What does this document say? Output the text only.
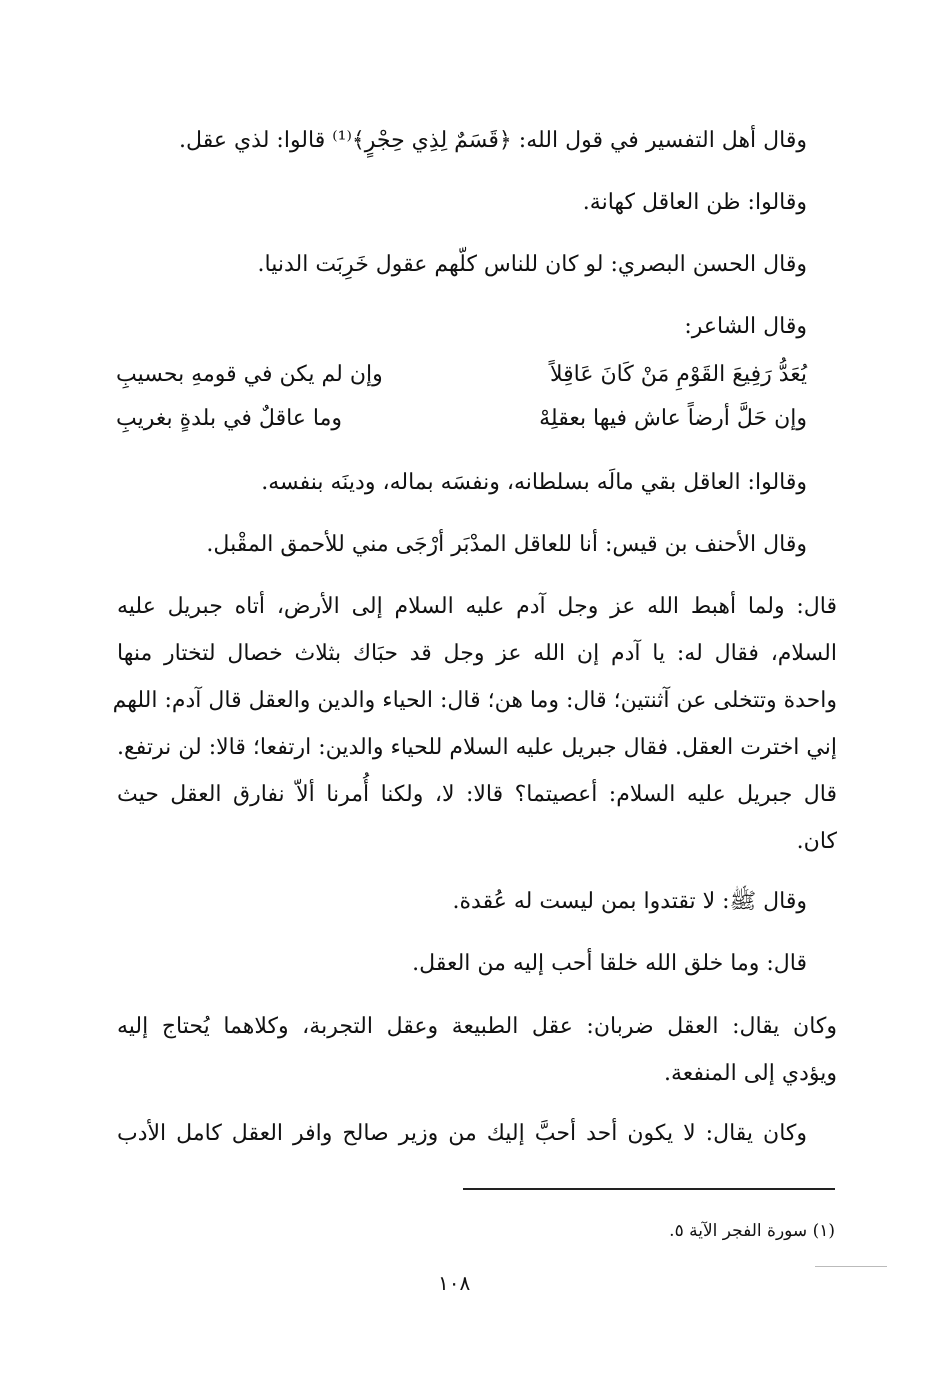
وقال أهل التفسير في قول الله: ﴿قَسَمٌ لِذِي حِجْرٍ﴾⁽¹⁾ قالوا: لذي عقل.
وقالوا: ظن العاقل كهانة.
وقال الحسن البصري: لو كان للناس كلّهم عقول خَرِبَت الدنيا.
وقال الشاعر:
يُعَدُّ رَفِيعَ القَوْمِ مَنْ كَانَ عَاقِلاً
وإن لم يكن في قومهِ بحسيبِ
وإن حَلَّ أرضاً عاش فيها بعقلِهْ
وما عاقلٌ في بلدةٍ بغريبِ
وقالوا: العاقل بقي مالَه بسلطانه، ونفسَه بماله، ودينَه بنفسه.
وقال الأحنف بن قيس: أنا للعاقل المدْبَر أرْجَى مني للأحمق المقْبل.
قال: ولما أهبط الله عز وجل آدم عليه السلام إلى الأرض، أتاه جبريل عليه
السلام، فقال له: يا آدم إن الله عز وجل قد حبَاك بثلاث خصال لتختار منها
واحدة وتتخلى عن آثنتين؛ قال: وما هن؛ قال: الحياء والدين والعقل قال آدم: اللهم
إني اخترت العقل. فقال جبريل عليه السلام للحياء والدين: ارتفعا؛ قالا: لن نرتفع.
قال جبريل عليه السلام: أعصيتما؟ قالا: لا، ولكنا أُمرنا ألاّ نفارق العقل حيث
كان.
وقال ﷺ: لا تقتدوا بمن ليست له عُقدة.
قال: وما خلق الله خلقا أحب إليه من العقل.
وكان يقال: العقل ضربان: عقل الطبيعة وعقل التجربة، وكلاهما يُحتاج إليه
ويؤدي إلى المنفعة.
وكان يقال: لا يكون أحد أحبَّ إليك من وزير صالح وافر العقل كامل الأدب
(١) سورة الفجر الآية ٥.
١٠٨
